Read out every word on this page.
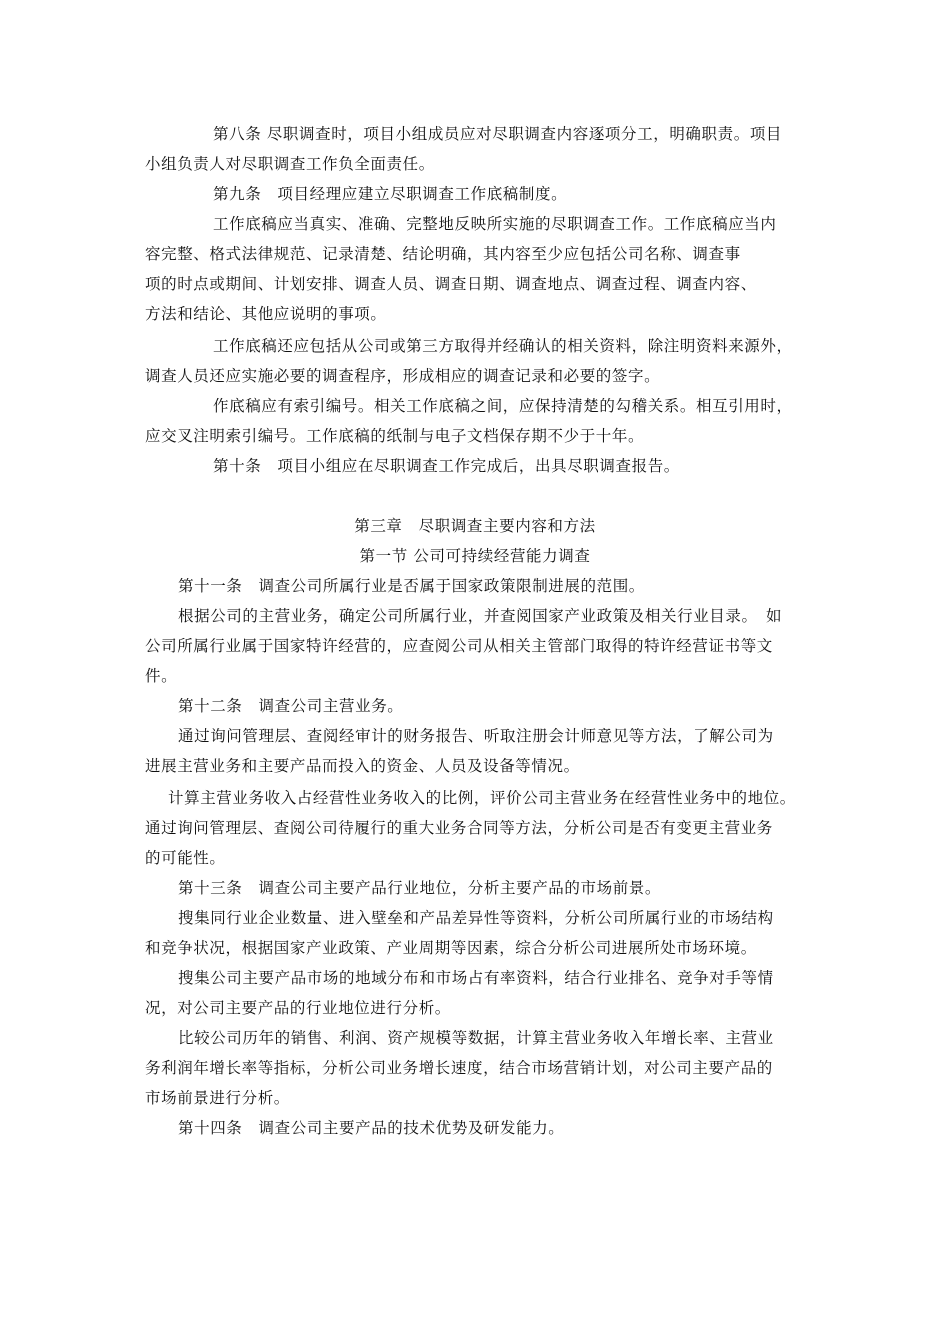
第八条 尽职调查时，项目小组成员应对尽职调查内容逐项分工，明确职责。项目
小组负责人对尽职调查工作负全面责任。
第九条　项目经理应建立尽职调查工作底稿制度。
工作底稿应当真实、准确、完整地反映所实施的尽职调查工作。工作底稿应当内
容完整、格式法律规范、记录清楚、结论明确，其内容至少应包括公司名称、调查事
项的时点或期间、计划安排、调查人员、调查日期、调查地点、调查过程、调查内容、
方法和结论、其他应说明的事项。
工作底稿还应包括从公司或第三方取得并经确认的相关资料，除注明资料来源外，
调查人员还应实施必要的调查程序，形成相应的调查记录和必要的签字。
作底稿应有索引编号。相关工作底稿之间，应保持清楚的勾稽关系。相互引用时，
应交叉注明索引编号。工作底稿的纸制与电子文档保存期不少于十年。
第十条　项目小组应在尽职调查工作完成后，出具尽职调查报告。
第三章　尽职调查主要内容和方法
第一节 公司可持续经营能力调查
第十一条　调查公司所属行业是否属于国家政策限制进展的范围。
根据公司的主营业务，确定公司所属行业，并查阅国家产业政策及相关行业目录。　如
公司所属行业属于国家特许经营的，应查阅公司从相关主管部门取得的特许经营证书等文
件。
第十二条　调查公司主营业务。
通过询问管理层、查阅经审计的财务报告、听取注册会计师意见等方法，了解公司为
进展主营业务和主要产品而投入的资金、人员及设备等情况。
计算主营业务收入占经营性业务收入的比例，评价公司主营业务在经营性业务中的地位。
通过询问管理层、查阅公司待履行的重大业务合同等方法，分析公司是否有变更主营业务
的可能性。
第十三条　调查公司主要产品行业地位，分析主要产品的市场前景。
搜集同行业企业数量、进入壁垒和产品差异性等资料，分析公司所属行业的市场结构
和竞争状况，根据国家产业政策、产业周期等因素，综合分析公司进展所处市场环境。
搜集公司主要产品市场的地域分布和市场占有率资料，结合行业排名、竞争对手等情
况，对公司主要产品的行业地位进行分析。
比较公司历年的销售、利润、资产规模等数据，计算主营业务收入年增长率、主营业
务利润年增长率等指标，分析公司业务增长速度，结合市场营销计划，对公司主要产品的
市场前景进行分析。
第十四条　调查公司主要产品的技术优势及研发能力。
